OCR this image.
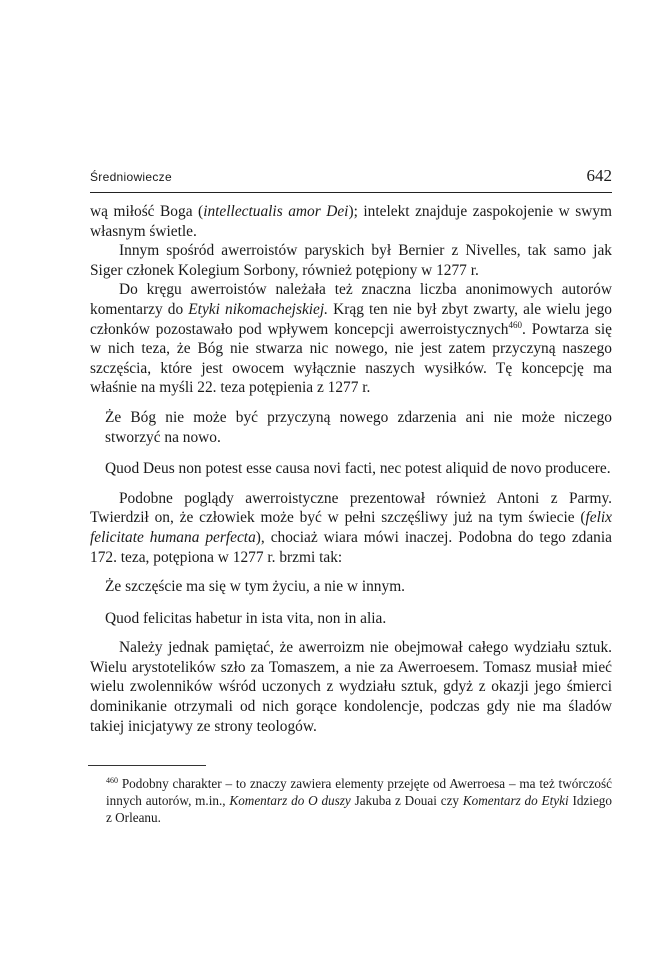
Średniowiecze	642

wą miłość Boga (intellectualis amor Dei); intelekt znajduje zaspokojenie w swym własnym świetle.

Innym spośród awerroistów paryskich był Bernier z Nivelles, tak samo jak Siger członek Kolegium Sorbony, również potępiony w 1277 r.

Do kręgu awerroistów należała też znaczna liczba anonimowych autorów komentarzy do Etyki nikomachejskiej. Krąg ten nie był zbyt zwarty, ale wielu jego członków pozostawało pod wpływem koncepcji awerroistycznych$^{460}$. Powtarza się w nich teza, że Bóg nie stwarza nic nowego, nie jest zatem przyczyną naszego szczęścia, które jest owocem wyłącznie naszych wysiłków. Tę koncepcję ma właśnie na myśli 22. teza potępienia z 1277 r.

Że Bóg nie może być przyczyną nowego zdarzenia ani nie może niczego stworzyć na nowo.

Quod Deus non potest esse causa novi facti, nec potest aliquid de novo producere.

Podobne poglądy awerroistyczne prezentował również Antoni z Parmy. Twierdził on, że człowiek może być w pełni szczęśliwy już na tym świecie (felix felicitate humana perfecta), chociaż wiara mówi inaczej. Podobna do tego zdania 172. teza, potępiona w 1277 r. brzmi tak:

Że szczęście ma się w tym życiu, a nie w innym.

Quod felicitas habetur in ista vita, non in alia.

Należy jednak pamiętać, że awerroizm nie obejmował całego wydziału sztuk. Wielu arystotelików szło za Tomaszem, a nie za Awerroesem. Tomasz musiał mieć wielu zwolenników wśród uczonych z wydziału sztuk, gdyż z okazji jego śmierci dominikanie otrzymali od nich gorące kondolencje, podczas gdy nie ma śladów takiej inicjatywy ze strony teologów.

$^{460}$ Podobny charakter – to znaczy zawiera elementy przejęte od Awerroesa – ma też twórczość innych autorów, m.in., Komentarz do O duszy Jakuba z Douai czy Komentarz do Etyki Idziego z Orleanu.
